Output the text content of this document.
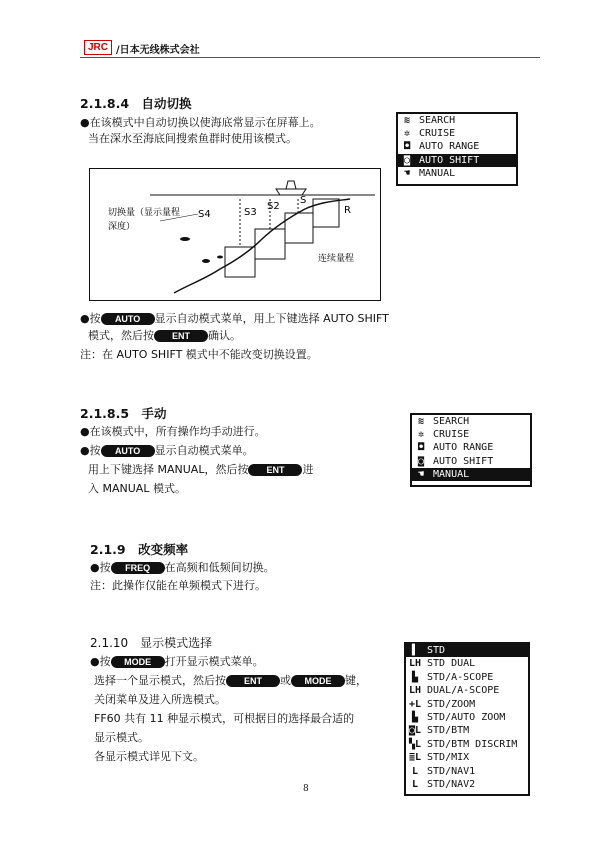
JRC /日本无线株式会社
2.1.8.4　自动切换
●在该模式中自动切换以使海底常显示在屏幕上。
当在深水至海底间搜索鱼群时使用该模式。
≋ SEARCH
✲ CRUISE
◘ AUTO RANGE
◙ AUTO SHIFT
☚ MANUAL
S4	S3
S2
S
R
切换量（显示量程
深度）
连续量程
●按 AUTO 显示自动模式菜单，用上下键选择 AUTO SHIFT
模式，然后按 ENT 确认。
注：在 AUTO SHIFT 模式中不能改变切换设置。
2.1.8.5　手动
●在该模式中，所有操作均手动进行。
●按 AUTO 显示自动模式菜单。
用上下键选择 MANUAL，然后按 ENT 进
入 MANUAL 模式。
≋ SEARCH
✲ CRUISE
◘ AUTO RANGE
◙ AUTO SHIFT
☚ MANUAL
2.1.9　改变频率
●按 FREQ 在高频和低频间切换。
注：此操作仅能在单频模式下进行。
2.1.10　显示模式选择
●按 MODE 打开显示模式菜单。
选择一个显示模式，然后按 ENT 或 MODE 键，
关闭菜单及进入所选模式。
FF60 共有 11 种显示模式，可根据目的选择最合适的
显示模式。
各显示模式详见下文。
▌ STD
LH STD DUAL
▙ STD/A-SCOPE
LH DUAL/A-SCOPE
+L STD/ZOOM
▙ STD/AUTO ZOOM
◙L STD/BTM
▚L STD/BTM DISCRIM
≣L STD/MIX
L STD/NAV1
L STD/NAV2
8
